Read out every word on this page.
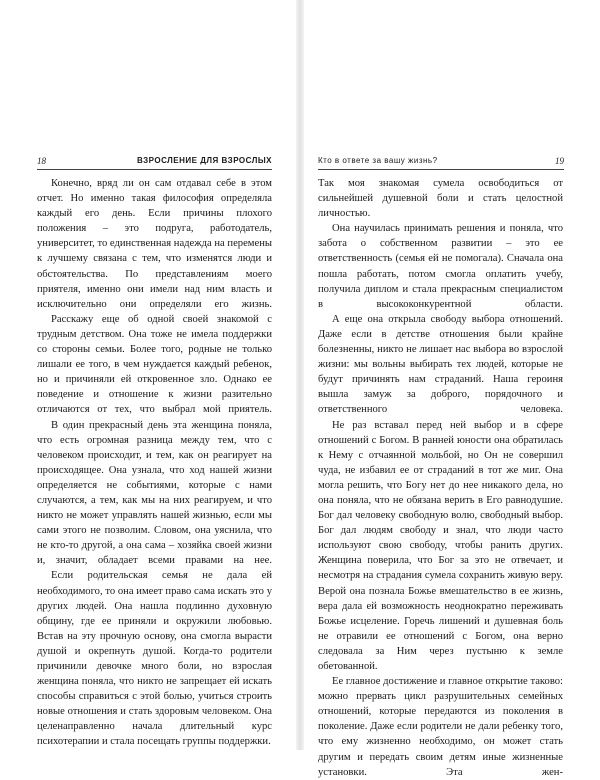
18	ВЗРОСЛЕНИЕ ДЛЯ ВЗРОСЛЫХ

Конечно, вряд ли он сам отдавал себе в этом отчет. Но именно такая философия определяла каждый его день. Если причины плохого положения – это подруга, работодатель, университет, то единственная надежда на перемены к лучшему связана с тем, что изменятся люди и обстоятельства. По представлениям моего приятеля, именно они имели над ним власть и исключительно они определяли его жизнь.

Расскажу еще об одной своей знакомой с трудным детством. Она тоже не имела поддержки со стороны семьи. Более того, родные не только лишали ее того, в чем нуждается каждый ребенок, но и причиняли ей откровенное зло. Однако ее поведение и отношение к жизни разительно отличаются от тех, что выбрал мой приятель.

В один прекрасный день эта женщина поняла, что есть огромная разница между тем, что с человеком происходит, и тем, как он реагирует на происходящее. Она узнала, что ход нашей жизни определяется не событиями, которые с нами случаются, а тем, как мы на них реагируем, и что никто не может управлять нашей жизнью, если мы сами этого не позволим. Словом, она уяснила, что не кто-то другой, а она сама – хозяйка своей жизни и, значит, обладает всеми правами на нее.

Если родительская семья не дала ей необходимого, то она имеет право сама искать это у других людей. Она нашла подлинно духовную общину, где ее приняли и окружили любовью. Встав на эту прочную основу, она смогла вырасти душой и окрепнуть душой. Когда-то родители причинили девочке много боли, но взрослая женщина поняла, что никто не запрещает ей искать способы справиться с этой болью, учиться строить новые отношения и стать здоровым человеком. Она целенаправленно начала длительный курс психотерапии и стала посещать группы поддержки.

Кто в ответе за вашу жизнь?	19

Так моя знакомая сумела освободиться от сильнейшей душевной боли и стать целостной личностью.

Она научилась принимать решения и поняла, что забота о собственном развитии – это ее ответственность (семья ей не помогала). Сначала она пошла работать, потом смогла оплатить учебу, получила диплом и стала прекрасным специалистом в высококонкурентной области.

А еще она открыла свободу выбора отношений. Даже если в детстве отношения были крайне болезненны, никто не лишает нас выбора во взрослой жизни: мы вольны выбирать тех людей, которые не будут причинять нам страданий. Наша героиня вышла замуж за доброго, порядочного и ответственного человека.

Не раз вставал перед ней выбор и в сфере отношений с Богом. В ранней юности она обратилась к Нему с отчаянной мольбой, но Он не совершил чуда, не избавил ее от страданий в тот же миг. Она могла решить, что Богу нет до нее никакого дела, но она поняла, что не обязана верить в Его равнодушие. Бог дал человеку свободную волю, свободный выбор. Бог дал людям свободу и знал, что люди часто используют свою свободу, чтобы ранить других. Женщина поверила, что Бог за это не отвечает, и несмотря на страдания сумела сохранить живую веру. Верой она познала Божье вмешательство в ее жизнь, вера дала ей возможность неоднократно переживать Божье исцеление. Горечь лишений и душевная боль не отравили ее отношений с Богом, она верно следовала за Ним через пустыню к земле обетованной.

Ее главное достижение и главное открытие таково: можно прервать цикл разрушительных семейных отношений, которые передаются из поколения в поколение. Даже если родители не дали ребенку того, что ему жизненно необходимо, он может стать другим и передать своим детям иные жизненные установки. Эта жен-
